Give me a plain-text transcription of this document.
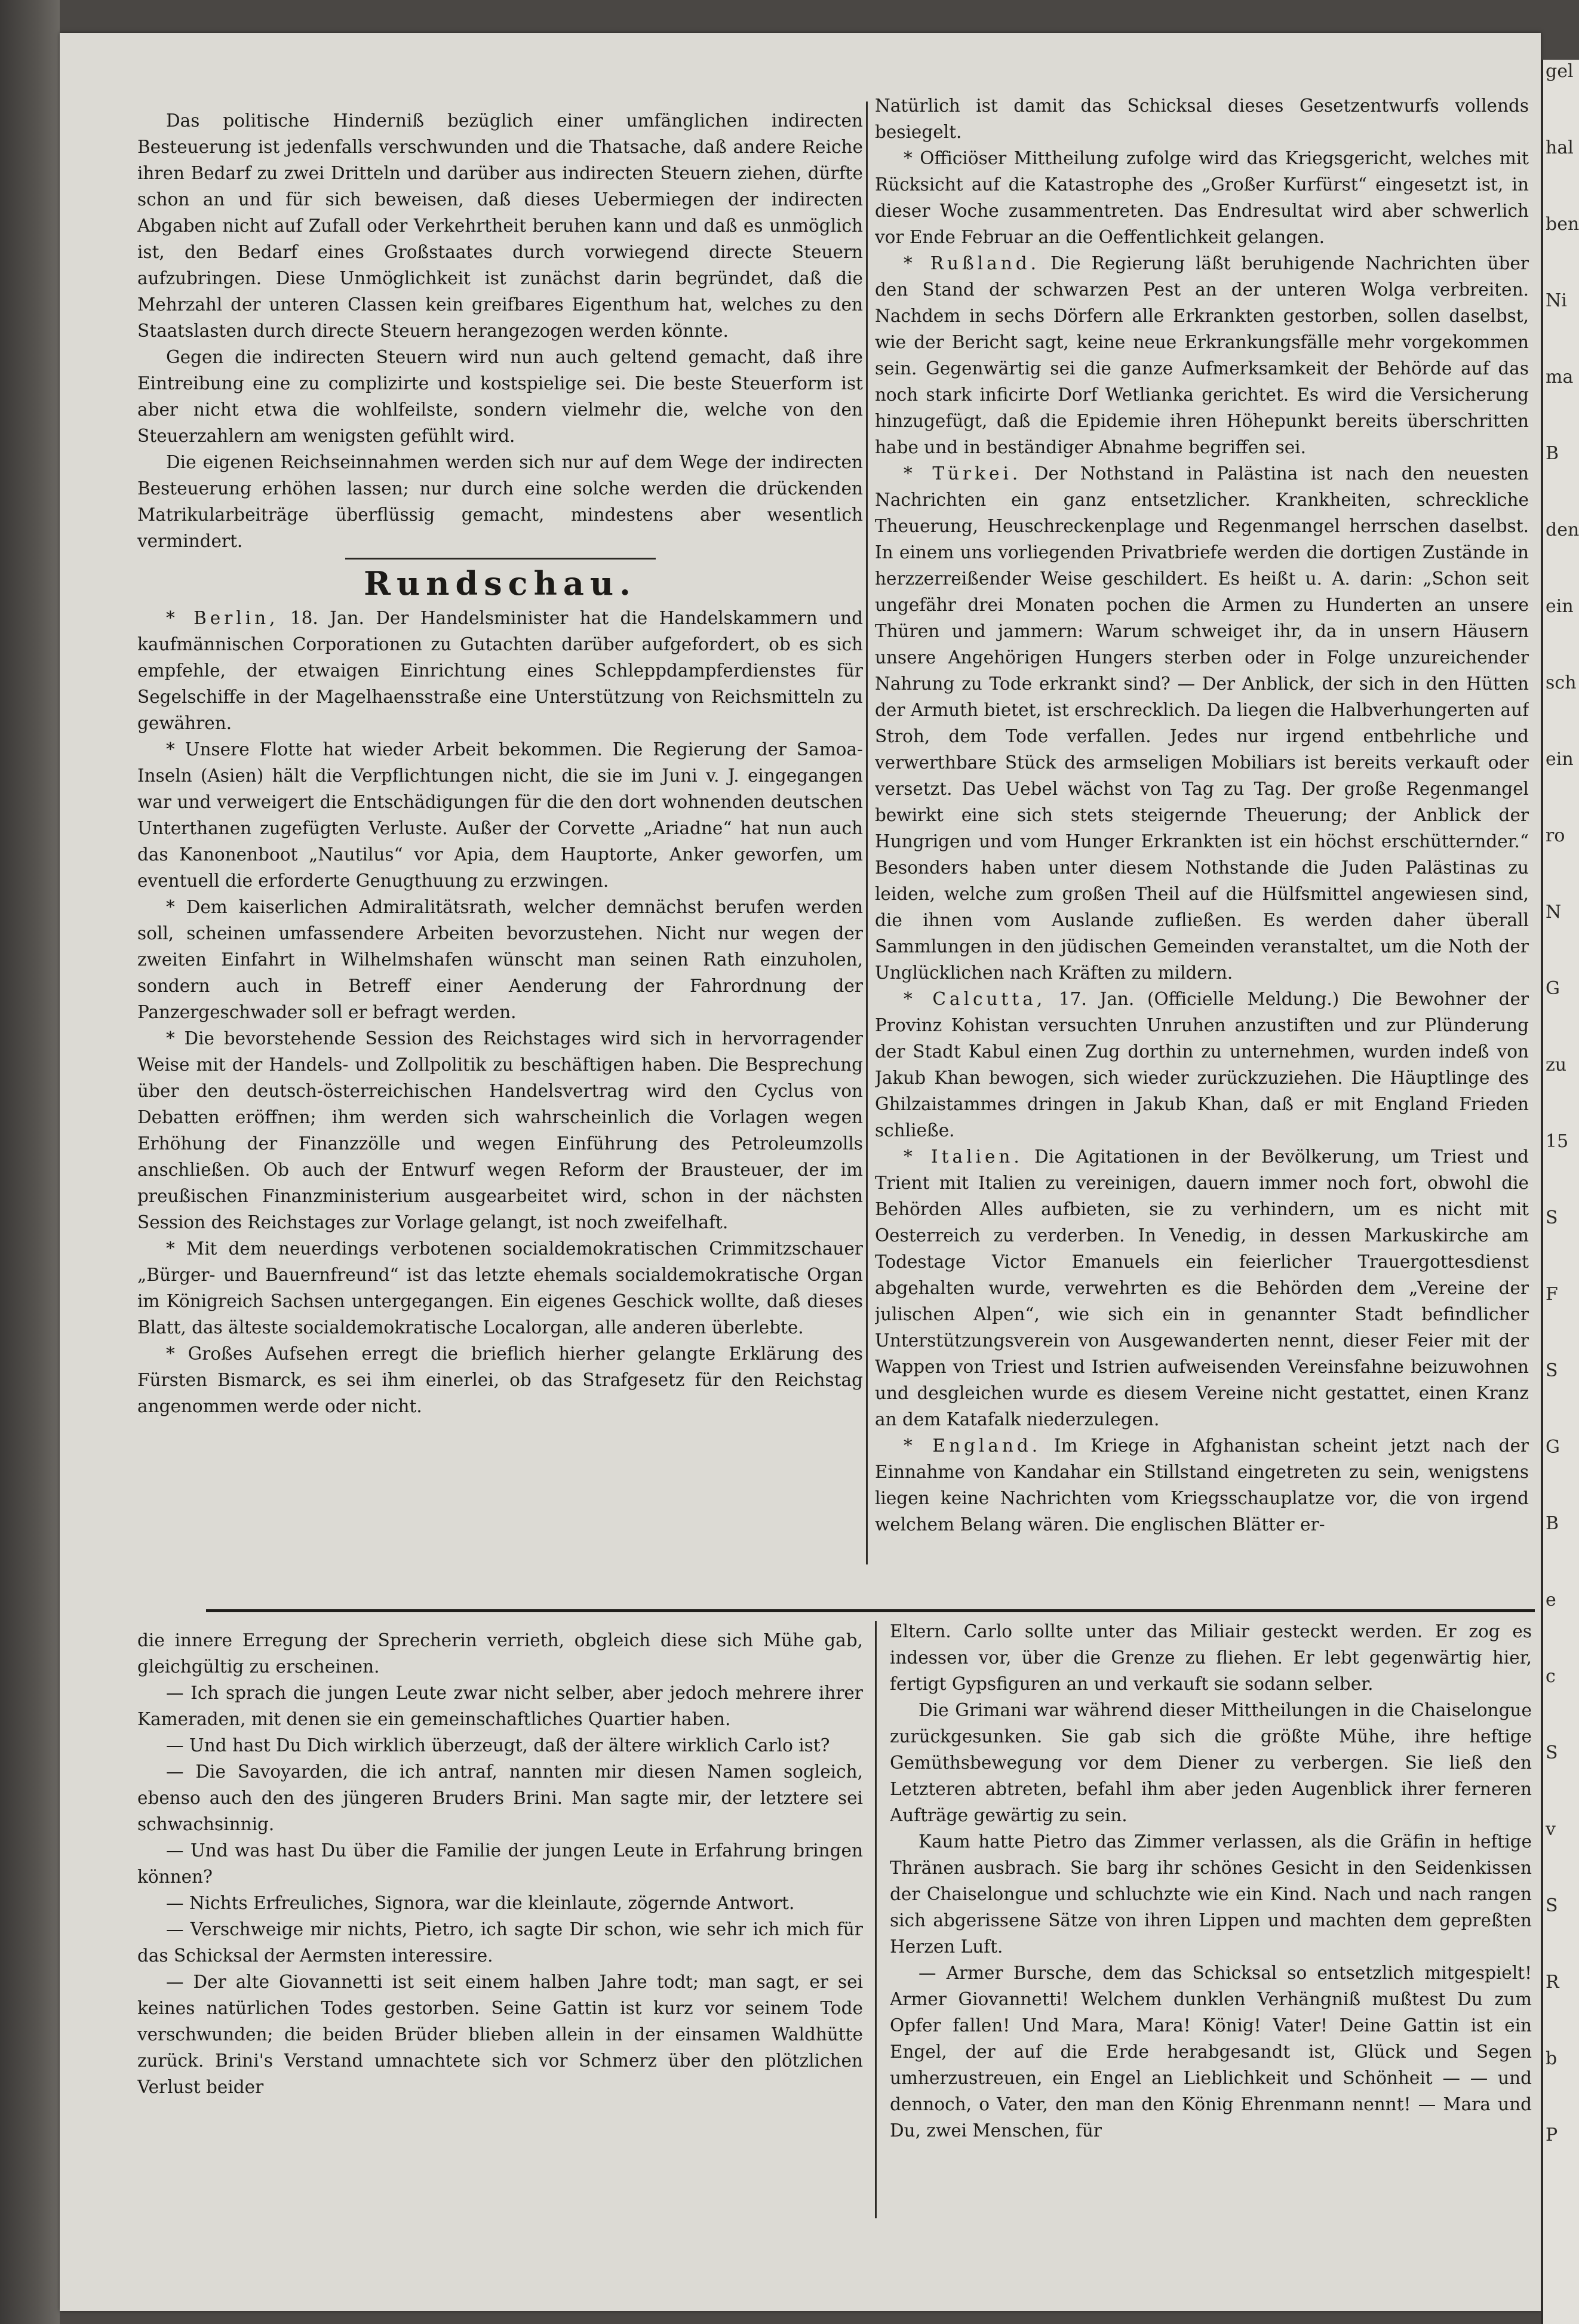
gel
hal
ben
Ni
ma
B
den
ein
sch
ein
ro
N
G
zu
15
S
F
S
G
B
e
c
S
v
S
R
b
P

Das politische Hinderniß bezüglich einer umfänglichen indirecten Besteuerung ist jedenfalls verschwunden und die Thatsache, daß andere Reiche ihren Bedarf zu zwei Dritteln und darüber aus indirecten Steuern ziehen, dürfte schon an und für sich beweisen, daß dieses Uebermiegen der indirecten Abgaben nicht auf Zufall oder Verkehrtheit beruhen kann und daß es unmöglich ist, den Bedarf eines Großstaates durch vorwiegend directe Steuern aufzubringen. Diese Unmöglichkeit ist zunächst darin begründet, daß die Mehrzahl der unteren Classen kein greifbares Eigenthum hat, welches zu den Staatslasten durch directe Steuern herangezogen werden könnte.

Gegen die indirecten Steuern wird nun auch geltend gemacht, daß ihre Eintreibung eine zu complizirte und kostspielige sei. Die beste Steuerform ist aber nicht etwa die wohlfeilste, sondern vielmehr die, welche von den Steuerzahlern am wenigsten gefühlt wird.

Die eigenen Reichseinnahmen werden sich nur auf dem Wege der indirecten Besteuerung erhöhen lassen; nur durch eine solche werden die drückenden Matrikularbeiträge überflüssig gemacht, mindestens aber wesentlich vermindert.

Rundschau.

* Berlin, 18. Jan. Der Handelsminister hat die Handelskammern und kaufmännischen Corporationen zu Gutachten darüber aufgefordert, ob es sich empfehle, der etwaigen Einrichtung eines Schleppdampferdienstes für Segelschiffe in der Magelhaensstraße eine Unterstützung von Reichsmitteln zu gewähren.

* Unsere Flotte hat wieder Arbeit bekommen. Die Regierung der Samoa-Inseln (Asien) hält die Verpflichtungen nicht, die sie im Juni v. J. eingegangen war und verweigert die Entschädigungen für die den dort wohnenden deutschen Unterthanen zugefügten Verluste. Außer der Corvette „Ariadne“ hat nun auch das Kanonenboot „Nautilus“ vor Apia, dem Hauptorte, Anker geworfen, um eventuell die erforderte Genugthuung zu erzwingen.

* Dem kaiserlichen Admiralitätsrath, welcher demnächst berufen werden soll, scheinen umfassendere Arbeiten bevorzustehen. Nicht nur wegen der zweiten Einfahrt in Wilhelmshafen wünscht man seinen Rath einzuholen, sondern auch in Betreff einer Aenderung der Fahrordnung der Panzergeschwader soll er befragt werden.

* Die bevorstehende Session des Reichstages wird sich in hervorragender Weise mit der Handels- und Zollpolitik zu beschäftigen haben. Die Besprechung über den deutsch-österreichischen Handelsvertrag wird den Cyclus von Debatten eröffnen; ihm werden sich wahrscheinlich die Vorlagen wegen Erhöhung der Finanzzölle und wegen Einführung des Petroleumzolls anschließen. Ob auch der Entwurf wegen Reform der Brausteuer, der im preußischen Finanzministerium ausgearbeitet wird, schon in der nächsten Session des Reichstages zur Vorlage gelangt, ist noch zweifelhaft.

* Mit dem neuerdings verbotenen socialdemokratischen Crimmitzschauer „Bürger- und Bauernfreund“ ist das letzte ehemals socialdemokratische Organ im Königreich Sachsen untergegangen. Ein eigenes Geschick wollte, daß dieses Blatt, das älteste socialdemokratische Localorgan, alle anderen überlebte.

* Großes Aufsehen erregt die brieflich hierher gelangte Erklärung des Fürsten Bismarck, es sei ihm einerlei, ob das Strafgesetz für den Reichstag angenommen werde oder nicht.

Natürlich ist damit das Schicksal dieses Gesetzentwurfs vollends besiegelt.

* Officiöser Mittheilung zufolge wird das Kriegsgericht, welches mit Rücksicht auf die Katastrophe des „Großer Kurfürst“ eingesetzt ist, in dieser Woche zusammentreten. Das Endresultat wird aber schwerlich vor Ende Februar an die Oeffentlichkeit gelangen.

* Rußland. Die Regierung läßt beruhigende Nachrichten über den Stand der schwarzen Pest an der unteren Wolga verbreiten. Nachdem in sechs Dörfern alle Erkrankten gestorben, sollen daselbst, wie der Bericht sagt, keine neue Erkrankungsfälle mehr vorgekommen sein. Gegenwärtig sei die ganze Aufmerksamkeit der Behörde auf das noch stark inficirte Dorf Wetlianka gerichtet. Es wird die Versicherung hinzugefügt, daß die Epidemie ihren Höhepunkt bereits überschritten habe und in beständiger Abnahme begriffen sei.

* Türkei. Der Nothstand in Palästina ist nach den neuesten Nachrichten ein ganz entsetzlicher. Krankheiten, schreckliche Theuerung, Heuschreckenplage und Regenmangel herrschen daselbst. In einem uns vorliegenden Privatbriefe werden die dortigen Zustände in herzzerreißender Weise geschildert. Es heißt u. A. darin: „Schon seit ungefähr drei Monaten pochen die Armen zu Hunderten an unsere Thüren und jammern: Warum schweiget ihr, da in unsern Häusern unsere Angehörigen Hungers sterben oder in Folge unzureichender Nahrung zu Tode erkrankt sind? — Der Anblick, der sich in den Hütten der Armuth bietet, ist erschrecklich. Da liegen die Halbverhungerten auf Stroh, dem Tode verfallen. Jedes nur irgend entbehrliche und verwerthbare Stück des armseligen Mobiliars ist bereits verkauft oder versetzt. Das Uebel wächst von Tag zu Tag. Der große Regenmangel bewirkt eine sich stets steigernde Theuerung; der Anblick der Hungrigen und vom Hunger Erkrankten ist ein höchst erschütternder.“ Besonders haben unter diesem Nothstande die Juden Palästinas zu leiden, welche zum großen Theil auf die Hülfsmittel angewiesen sind, die ihnen vom Auslande zufließen. Es werden daher überall Sammlungen in den jüdischen Gemeinden veranstaltet, um die Noth der Unglücklichen nach Kräften zu mildern.

* Calcutta, 17. Jan. (Officielle Meldung.) Die Bewohner der Provinz Kohistan versuchten Unruhen anzustiften und zur Plünderung der Stadt Kabul einen Zug dorthin zu unternehmen, wurden indeß von Jakub Khan bewogen, sich wieder zurückzuziehen. Die Häuptlinge des Ghilzaistammes dringen in Jakub Khan, daß er mit England Frieden schließe.

* Italien. Die Agitationen in der Bevölkerung, um Triest und Trient mit Italien zu vereinigen, dauern immer noch fort, obwohl die Behörden Alles aufbieten, sie zu verhindern, um es nicht mit Oesterreich zu verderben. In Venedig, in dessen Markuskirche am Todestage Victor Emanuels ein feierlicher Trauergottesdienst abgehalten wurde, verwehrten es die Behörden dem „Vereine der julischen Alpen“, wie sich ein in genannter Stadt befindlicher Unterstützungsverein von Ausgewanderten nennt, dieser Feier mit der Wappen von Triest und Istrien aufweisenden Vereinsfahne beizuwohnen und desgleichen wurde es diesem Vereine nicht gestattet, einen Kranz an dem Katafalk niederzulegen.

* England. Im Kriege in Afghanistan scheint jetzt nach der Einnahme von Kandahar ein Stillstand eingetreten zu sein, wenigstens liegen keine Nachrichten vom Kriegsschauplatze vor, die von irgend welchem Belang wären. Die englischen Blätter er-

die innere Erregung der Sprecherin verrieth, obgleich diese sich Mühe gab, gleichgültig zu erscheinen.

— Ich sprach die jungen Leute zwar nicht selber, aber jedoch mehrere ihrer Kameraden, mit denen sie ein gemeinschaftliches Quartier haben.

— Und hast Du Dich wirklich überzeugt, daß der ältere wirklich Carlo ist?

— Die Savoyarden, die ich antraf, nannten mir diesen Namen sogleich, ebenso auch den des jüngeren Bruders Brini. Man sagte mir, der letztere sei schwachsinnig.

— Und was hast Du über die Familie der jungen Leute in Erfahrung bringen können?

— Nichts Erfreuliches, Signora, war die kleinlaute, zögernde Antwort.

— Verschweige mir nichts, Pietro, ich sagte Dir schon, wie sehr ich mich für das Schicksal der Aermsten interessire.

— Der alte Giovannetti ist seit einem halben Jahre todt; man sagt, er sei keines natürlichen Todes gestorben. Seine Gattin ist kurz vor seinem Tode verschwunden; die beiden Brüder blieben allein in der einsamen Waldhütte zurück. Brini's Verstand umnachtete sich vor Schmerz über den plötzlichen Verlust beider

Eltern. Carlo sollte unter das Miliair gesteckt werden. Er zog es indessen vor, über die Grenze zu fliehen. Er lebt gegenwärtig hier, fertigt Gypsfiguren an und verkauft sie sodann selber.

Die Grimani war während dieser Mittheilungen in die Chaiselongue zurückgesunken. Sie gab sich die größte Mühe, ihre heftige Gemüthsbewegung vor dem Diener zu verbergen. Sie ließ den Letzteren abtreten, befahl ihm aber jeden Augenblick ihrer ferneren Aufträge gewärtig zu sein.

Kaum hatte Pietro das Zimmer verlassen, als die Gräfin in heftige Thränen ausbrach. Sie barg ihr schönes Gesicht in den Seidenkissen der Chaiselongue und schluchzte wie ein Kind. Nach und nach rangen sich abgerissene Sätze von ihren Lippen und machten dem gepreßten Herzen Luft.

— Armer Bursche, dem das Schicksal so entsetzlich mitgespielt! Armer Giovannetti! Welchem dunklen Verhängniß mußtest Du zum Opfer fallen! Und Mara, Mara! König! Vater! Deine Gattin ist ein Engel, der auf die Erde herabgesandt ist, Glück und Segen umherzustreuen, ein Engel an Lieblichkeit und Schönheit — — und dennoch, o Vater, den man den König Ehrenmann nennt! — Mara und Du, zwei Menschen, für
